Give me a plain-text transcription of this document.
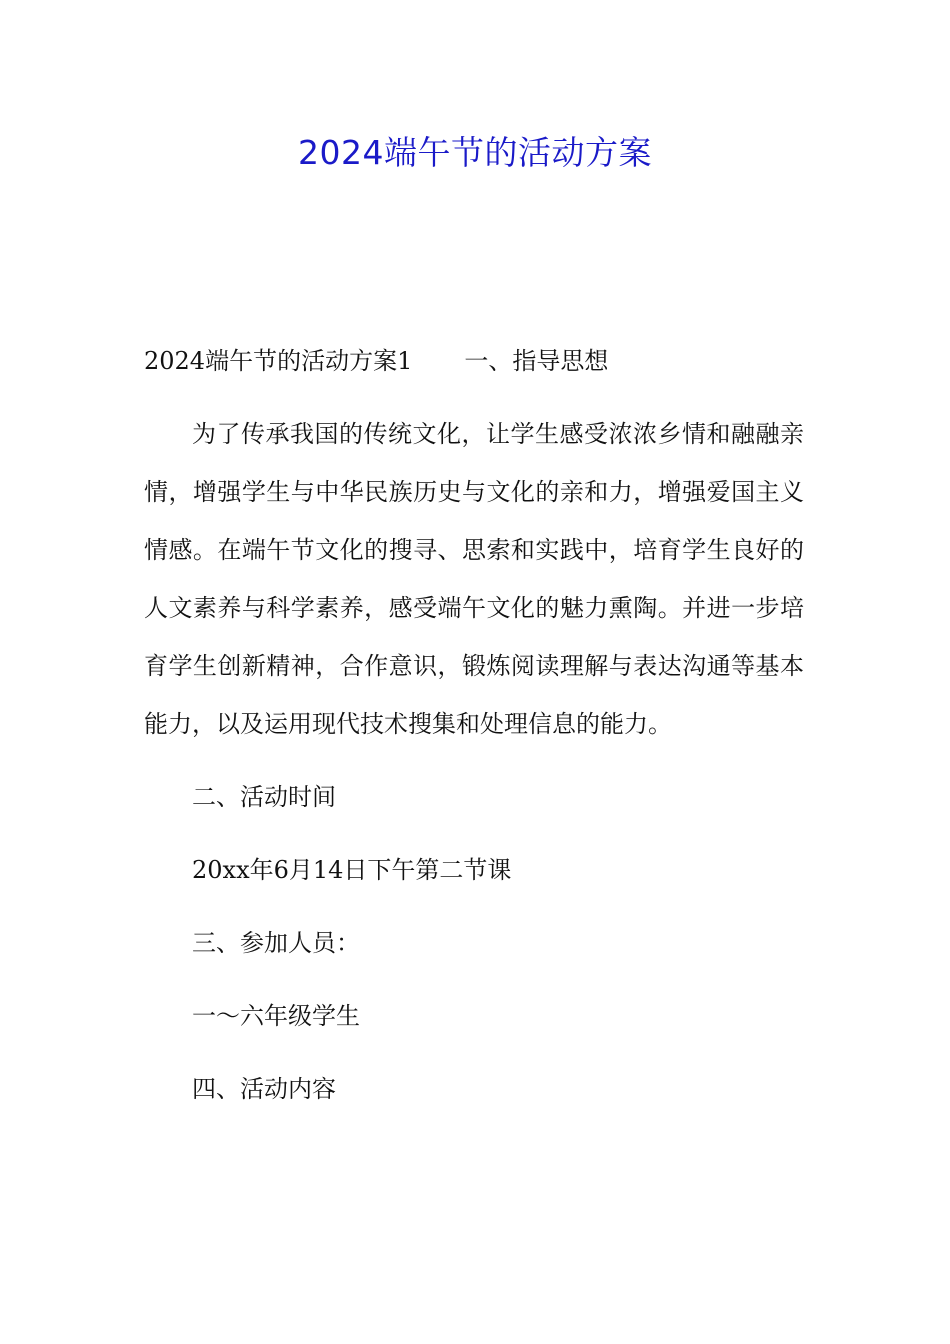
2024端午节的活动方案
2024端午节的活动方案1 一、指导思想
为了传承我国的传统文化，让学生感受浓浓乡情和融融亲情，增强学生与中华民族历史与文化的亲和力，增强爱国主义情感。在端午节文化的搜寻、思索和实践中，培育学生良好的人文素养与科学素养，感受端午文化的魅力熏陶。并进一步培育学生创新精神，合作意识，锻炼阅读理解与表达沟通等基本能力，以及运用现代技术搜集和处理信息的能力。
二、活动时间
20xx年6月14日下午第二节课
三、参加人员：
一～六年级学生
四、活动内容
